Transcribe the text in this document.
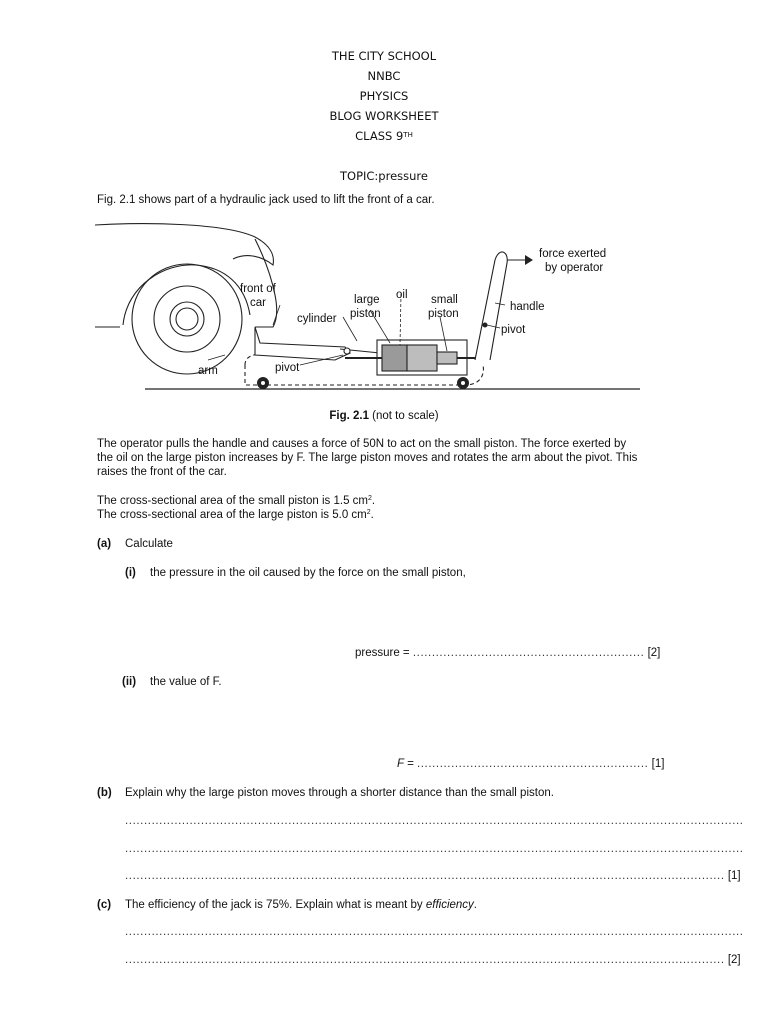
THE CITY SCHOOL
NNBC
PHYSICS
BLOG WORKSHEET
CLASS 9TH
TOPIC:pressure
Fig. 2.1 shows part of a hydraulic jack used to lift the front of a car.
force exerted
by operator
front of
car
oil
large
piston
small
piston
cylinder
handle
pivot
arm	pivot
Fig. 2.1 (not to scale)
The operator pulls the handle and causes a force of 50N to act on the small piston. The force exerted by the oil on the large piston increases by F. The large piston moves and rotates the arm about the pivot. This raises the front of the car.
The cross-sectional area of the small piston is 1.5 $cm^2$.
The cross-sectional area of the large piston is 5.0 $cm^2$.
(a) Calculate
(i) the pressure in the oil caused by the force on the small piston,
pressure = ............................................................. [2]
(ii) the value of F.
F = ............................................................. [1]
(b) Explain why the large piston moves through a shorter distance than the small piston.
...................................................................................................................................................................
...................................................................................................................................................................
.............................................................................................................................................................. [1]
(c) The efficiency of the jack is 75%. Explain what is meant by efficiency.
...................................................................................................................................................................
.............................................................................................................................................................. [2]
